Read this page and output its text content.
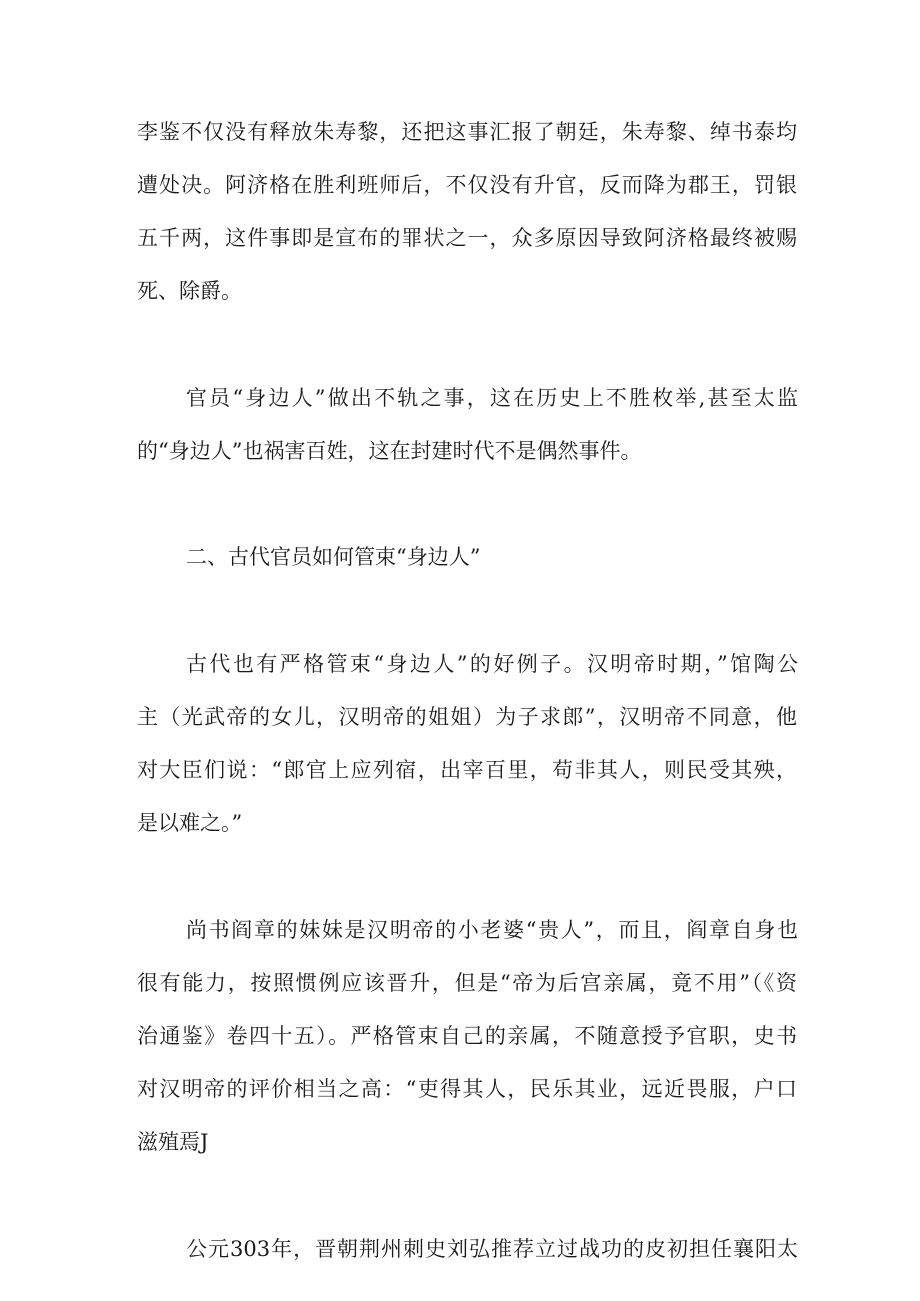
李鉴不仅没有释放朱寿黎，还把这事汇报了朝廷，朱寿黎、绰书泰均

遭处决。阿济格在胜利班师后，不仅没有升官，反而降为郡王，罚银

五千两，这件事即是宣布的罪状之一，众多原因导致阿济格最终被赐

死、除爵。

官员“身边人”做出不轨之事，这在历史上不胜枚举,甚至太监

的“身边人”也祸害百姓，这在封建时代不是偶然事件。

二、古代官员如何管束“身边人”

古代也有严格管束“身边人”的好例子。汉明帝时期，”馆陶公

主（光武帝的女儿，汉明帝的姐姐）为子求郎”，汉明帝不同意，他

对大臣们说：“郎官上应列宿，出宰百里，苟非其人，则民受其殃，

是以难之。”

尚书阎章的妹妹是汉明帝的小老婆“贵人”，而且，阎章自身也

很有能力，按照惯例应该晋升，但是“帝为后宫亲属，竟不用”（《资

治通鉴》卷四十五）。严格管束自己的亲属，不随意授予官职，史书

对汉明帝的评价相当之高：“吏得其人，民乐其业，远近畏服，户口

滋殖焉J

公元303年，晋朝荆州刺史刘弘推荐立过战功的皮初担任襄阳太
